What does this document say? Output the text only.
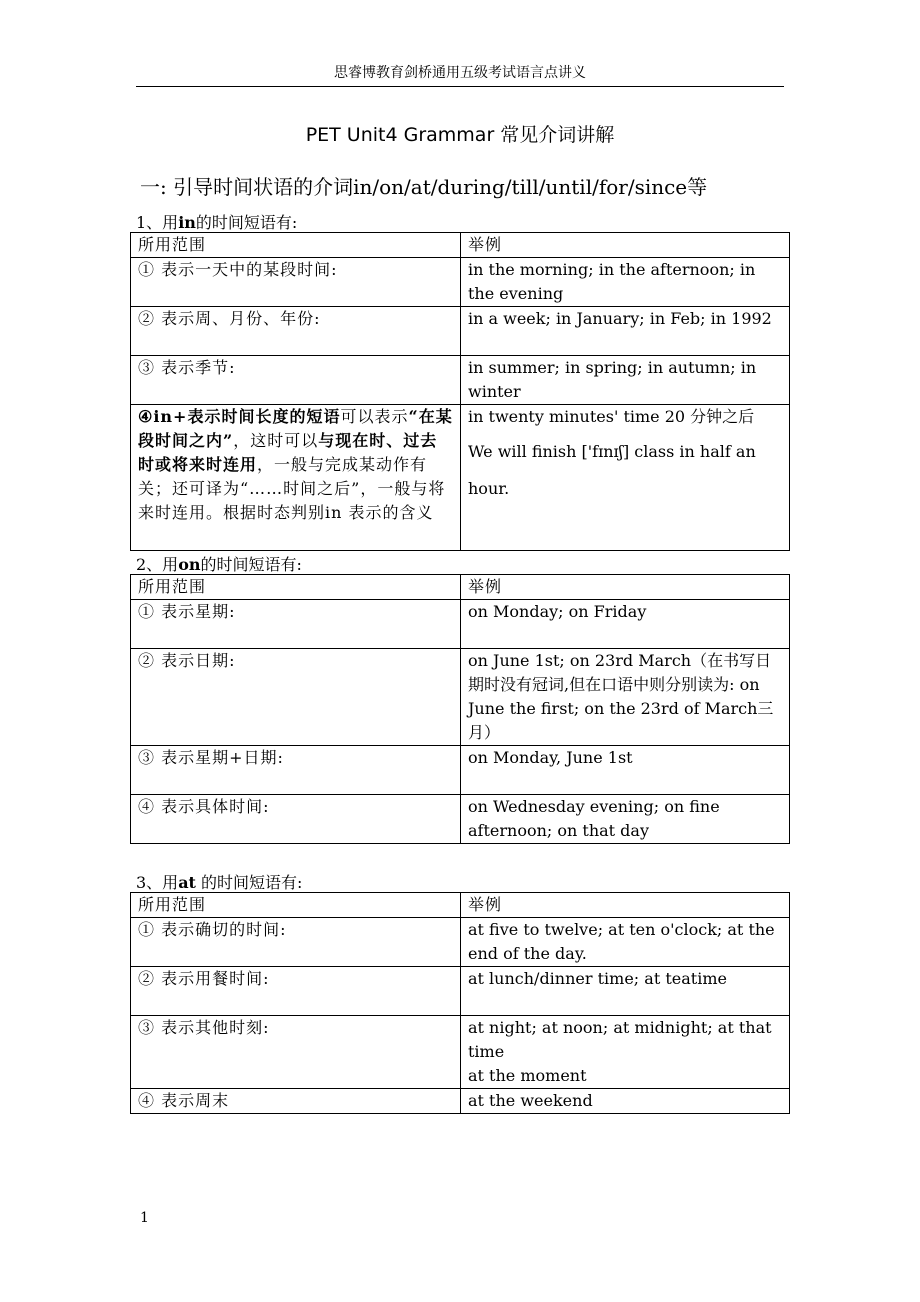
思睿博教育剑桥通用五级考试语言点讲义
PET Unit4 Grammar 常见介词讲解
一: 引导时间状语的介词in/on/at/during/till/until/for/since等
1、用in的时间短语有:
所用范围	举例
① 表示一天中的某段时间:	in the morning; in the afternoon; in the evening
② 表示周、月份、年份:	in a week; in January; in Feb; in 1992
③ 表示季节:	in summer; in spring; in autumn; in winter
④in+表示时间长度的短语可以表示“在某段时间之内”，这时可以与现在时、过去时或将来时连用，一般与完成某动作有关；还可译为“……时间之后”，一般与将来时连用。根据时态判别in 表示的含义	in twenty minutes' time 20 分钟之后
We will finish ['fɪnɪʃ] class in half an hour.
2、用on的时间短语有:
所用范围	举例
① 表示星期:	on Monday; on Friday
② 表示日期:	on June 1st; on 23rd March（在书写日期时没有冠词,但在口语中则分别读为: on June the first; on the 23rd of March三月）
③ 表示星期+日期:	on Monday, June 1st
④ 表示具体时间:	on Wednesday evening; on fine afternoon; on that day
3、用at 的时间短语有:
所用范围	举例
① 表示确切的时间:	at five to twelve; at ten o'clock; at the end of the day.
② 表示用餐时间:	at lunch/dinner time; at teatime
③ 表示其他时刻:	at night; at noon; at midnight; at that time
at the moment

④ 表示周末	at the weekend
1
